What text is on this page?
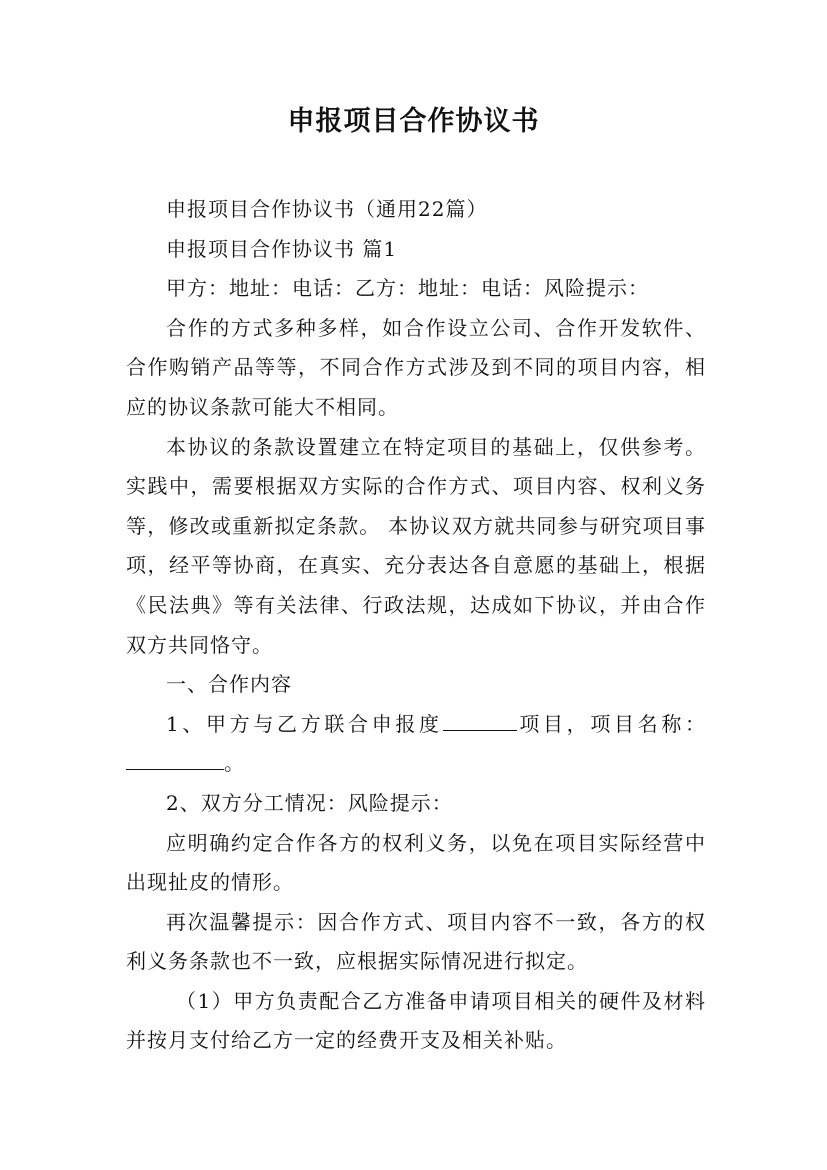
申报项目合作协议书

申报项目合作协议书（通用22篇）

申报项目合作协议书 篇1

甲方：地址：电话：乙方：地址：电话：风险提示：

合作的方式多种多样，如合作设立公司、合作开发软件、合作购销产品等等，不同合作方式涉及到不同的项目内容，相应的协议条款可能大不相同。

本协议的条款设置建立在特定项目的基础上，仅供参考。实践中，需要根据双方实际的合作方式、项目内容、权利义务等，修改或重新拟定条款。 本协议双方就共同参与研究项目事项，经平等协商，在真实、充分表达各自意愿的基础上，根据《民法典》等有关法律、行政法规，达成如下协议，并由合作双方共同恪守。

一、合作内容

1、甲方与乙方联合申报度	项目，项目名称：。

2、双方分工情况：风险提示：

应明确约定合作各方的权利义务，以免在项目实际经营中出现扯皮的情形。

再次温馨提示：因合作方式、项目内容不一致，各方的权利义务条款也不一致，应根据实际情况进行拟定。

（1）甲方负责配合乙方准备申请项目相关的硬件及材料并按月支付给乙方一定的经费开支及相关补贴。
